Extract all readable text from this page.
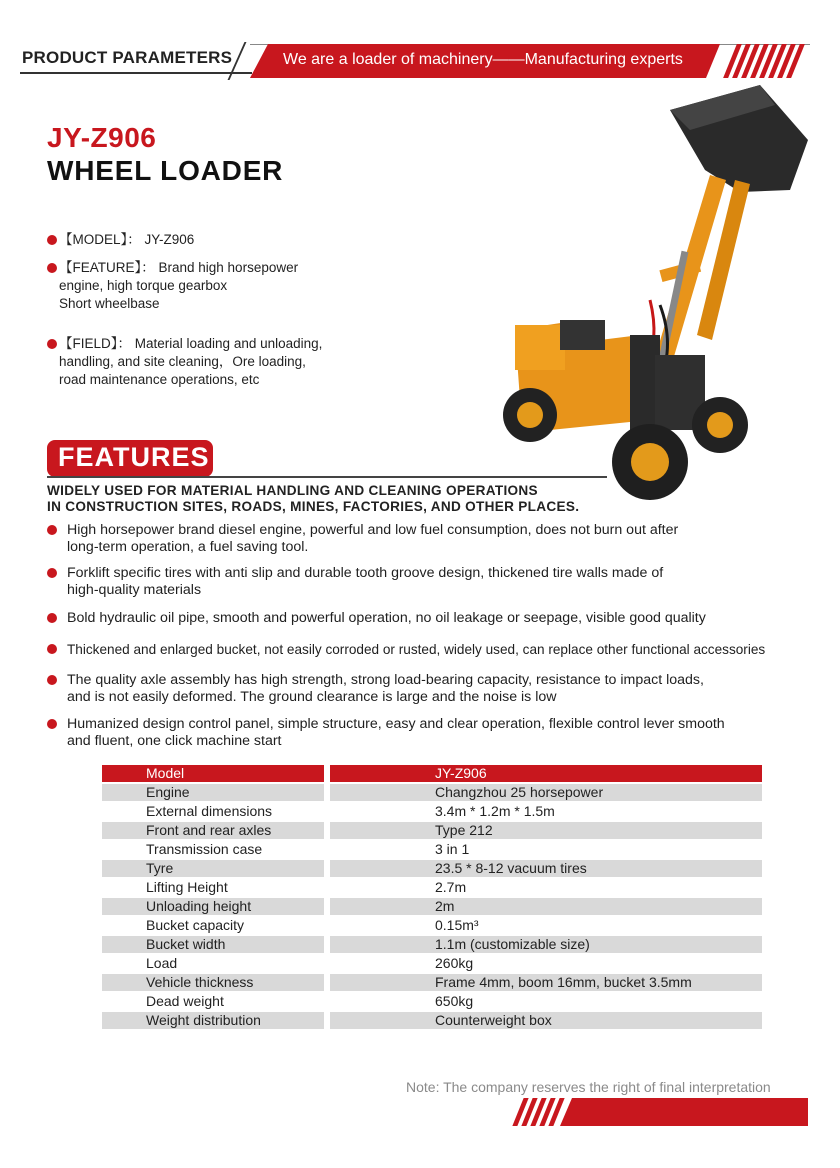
PRODUCT PARAMETERS	We are a loader of machinery——Manufacturing experts
JY-Z906
WHEEL LOADER
【MODEL】： JY-Z906
【FEATURE】： Brand high horsepower
engine, high torque gearbox
Short wheelbase
【FIELD】： Material loading and unloading,
handling, and site cleaning，Ore loading,
road maintenance operations, etc
FEATURES
WIDELY USED FOR MATERIAL HANDLING AND CLEANING OPERATIONS
IN CONSTRUCTION SITES, ROADS, MINES, FACTORIES, AND OTHER PLACES.
High horsepower brand diesel engine, powerful and low fuel consumption, does not burn out after
long-term operation, a fuel saving tool.
Forklift specific tires with anti slip and durable tooth groove design, thickened tire walls made of
high-quality materials
Bold hydraulic oil pipe, smooth and powerful operation, no oil leakage or seepage, visible good quality
Thickened and enlarged bucket, not easily corroded or rusted, widely used, can replace other functional accessories
The quality axle assembly has high strength, strong load-bearing capacity, resistance to impact loads,
and is not easily deformed. The ground clearance is large and the noise is low
Humanized design control panel, simple structure, easy and clear operation, flexible control lever smooth
and fluent, one click machine start
Model	JY-Z906
Engine	Changzhou 25 horsepower
External dimensions	3.4m * 1.2m * 1.5m
Front and rear axles	Type 212
Transmission case	3 in 1
Tyre	23.5 * 8-12 vacuum tires
Lifting Height	2.7m
Unloading height	2m
Bucket capacity	0.15m³
Bucket width	1.1m (customizable size)
Load	260kg
Vehicle thickness	Frame 4mm, boom 16mm, bucket 3.5mm
Dead weight	650kg
Weight distribution	Counterweight box
Note: The company reserves the right of final interpretation
